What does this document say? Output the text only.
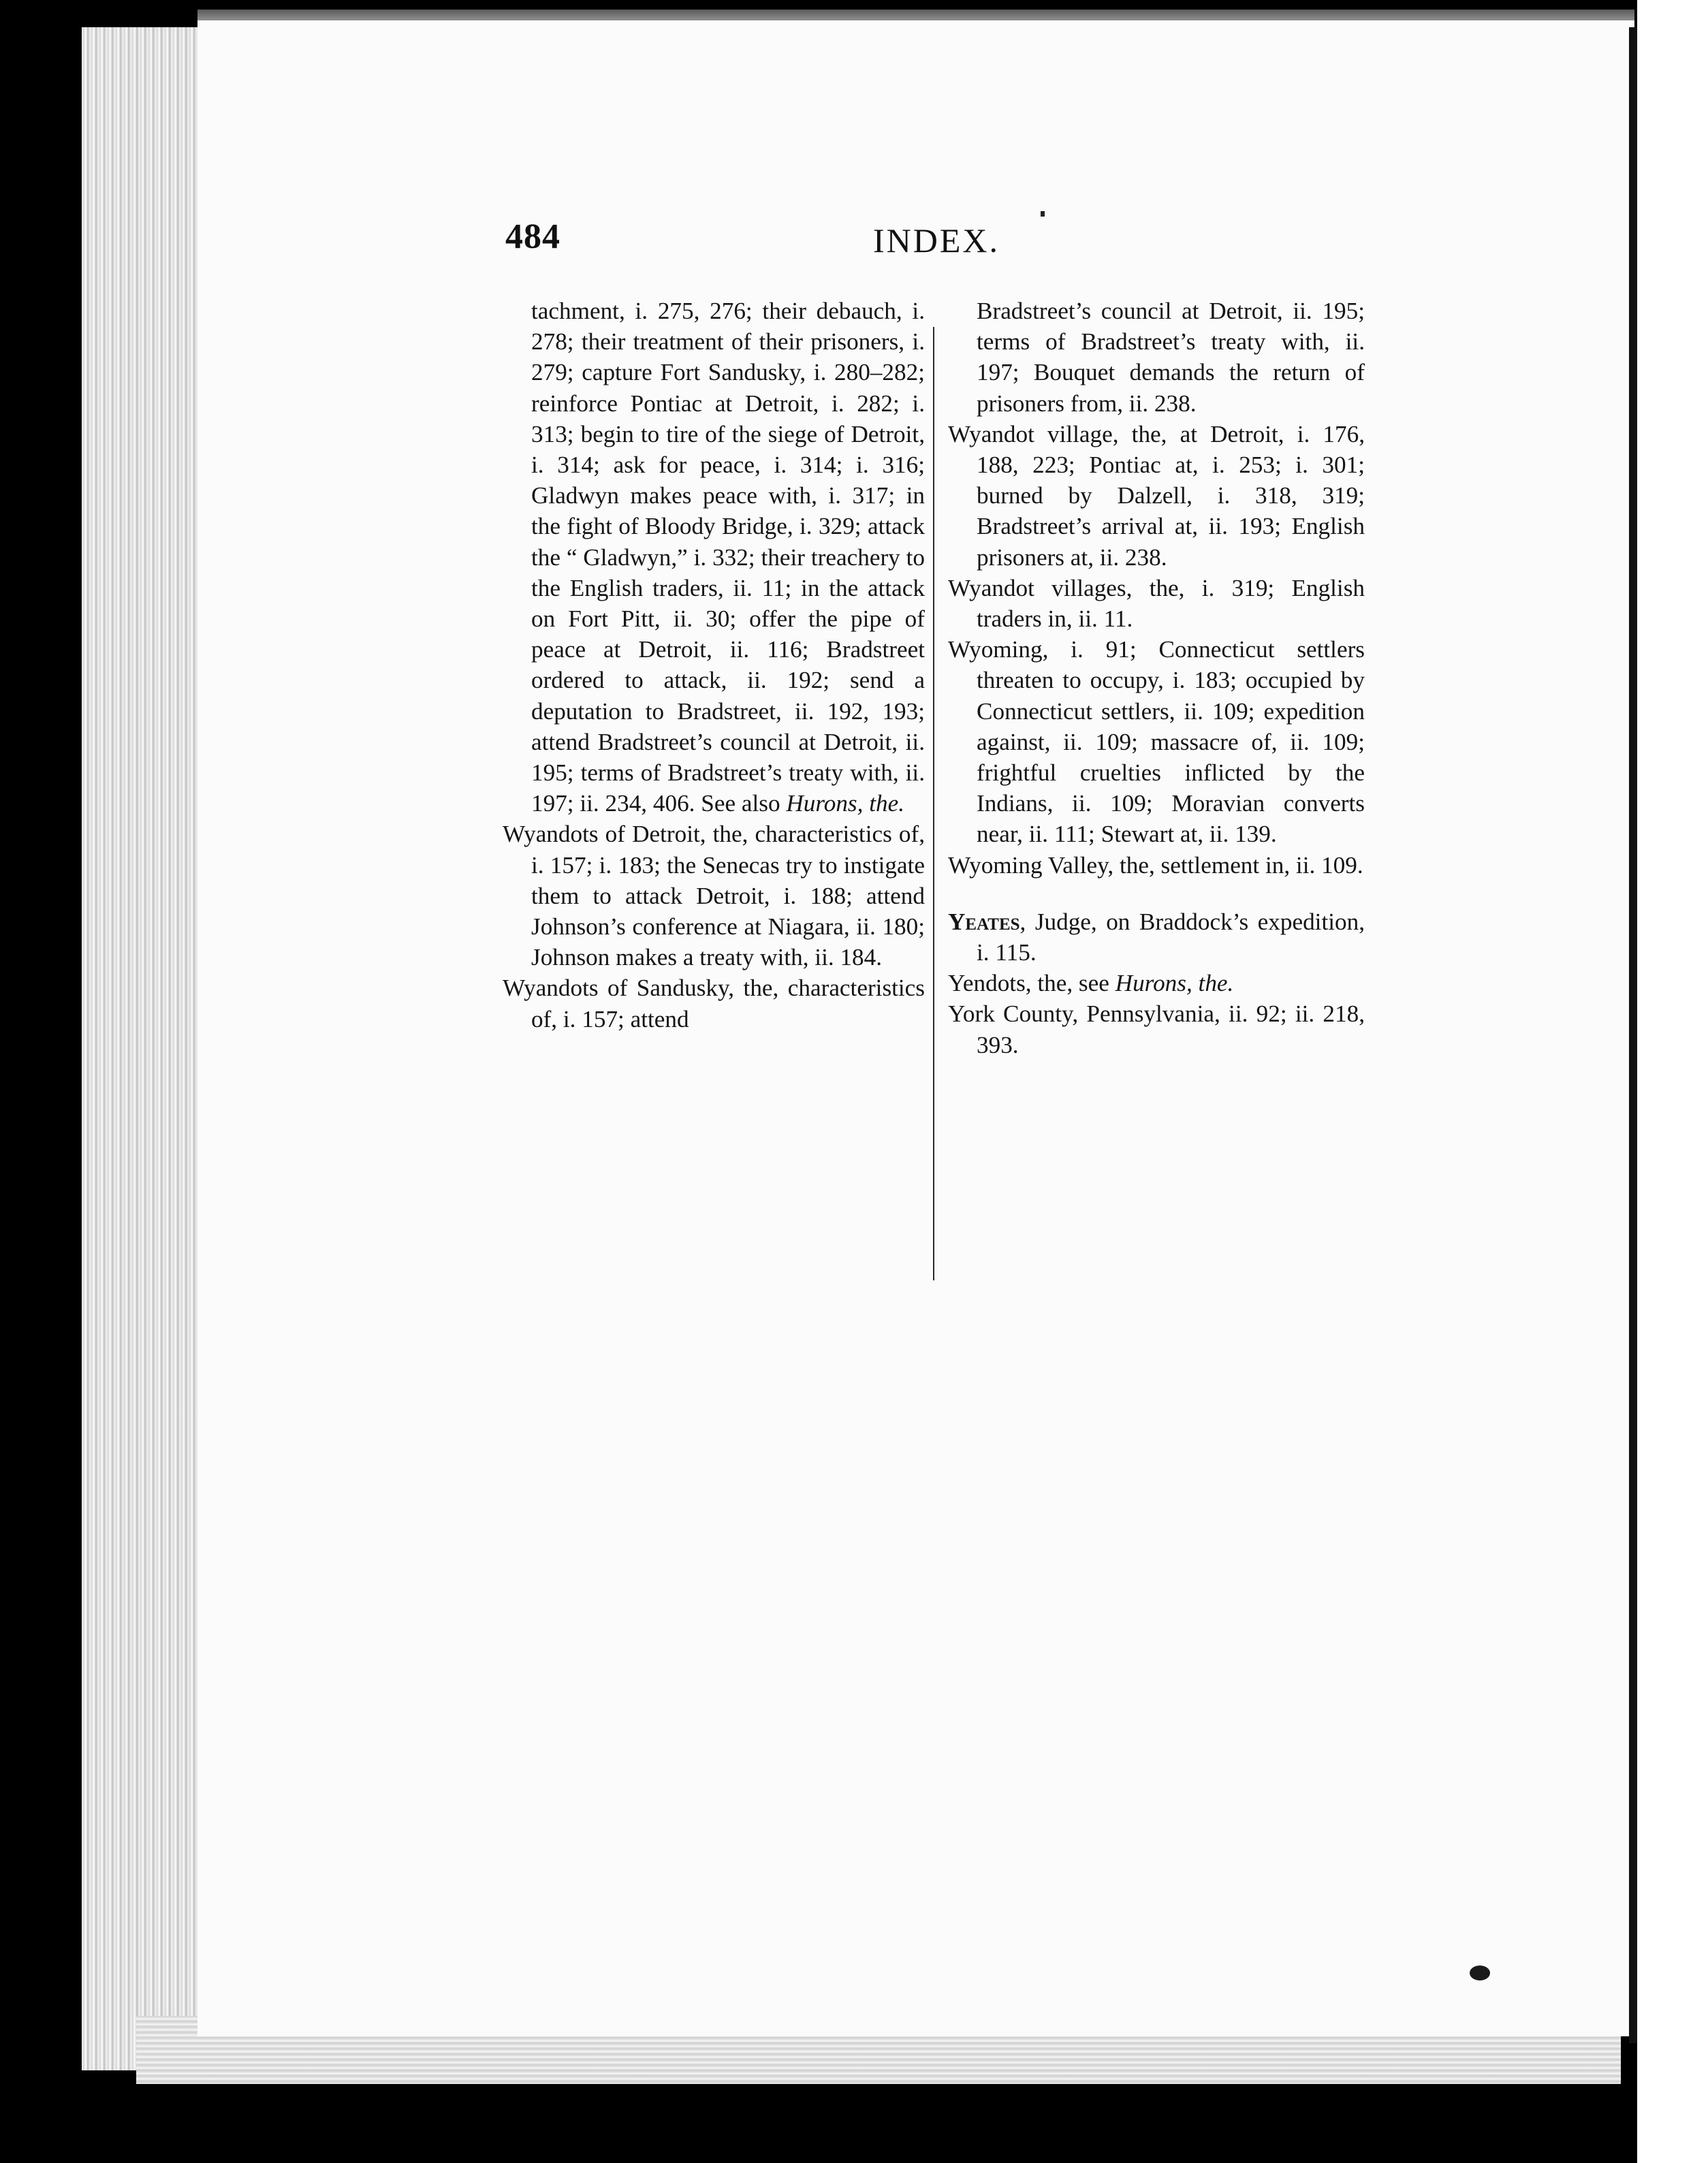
484	INDEX.

tachment, i. 275, 276; their debauch, i. 278; their treatment of their prisoners, i. 279; capture Fort Sandusky, i. 280–282; reinforce Pontiac at Detroit, i. 282; i. 313; begin to tire of the siege of Detroit, i. 314; ask for peace, i. 314; i. 316; Gladwyn makes peace with, i. 317; in the fight of Bloody Bridge, i. 329; attack the “ Gladwyn,” i. 332; their treachery to the English traders, ii. 11; in the attack on Fort Pitt, ii. 30; offer the pipe of peace at Detroit, ii. 116; Bradstreet ordered to attack, ii. 192; send a deputation to Bradstreet, ii. 192, 193; attend Bradstreet’s council at Detroit, ii. 195; terms of Bradstreet’s treaty with, ii. 197; ii. 234, 406. See also Hurons, the.

Wyandots of Detroit, the, characteristics of, i. 157; i. 183; the Senecas try to instigate them to attack Detroit, i. 188; attend Johnson’s conference at Niagara, ii. 180; Johnson makes a treaty with, ii. 184.

Wyandots of Sandusky, the, characteristics of, i. 157; attend

Bradstreet’s council at Detroit, ii. 195; terms of Bradstreet’s treaty with, ii. 197; Bouquet demands the return of prisoners from, ii. 238.

Wyandot village, the, at Detroit, i. 176, 188, 223; Pontiac at, i. 253; i. 301; burned by Dalzell, i. 318, 319; Bradstreet’s arrival at, ii. 193; English prisoners at, ii. 238.

Wyandot villages, the, i. 319; English traders in, ii. 11.

Wyoming, i. 91; Connecticut settlers threaten to occupy, i. 183; occupied by Connecticut settlers, ii. 109; expedition against, ii. 109; massacre of, ii. 109; frightful cruelties inflicted by the Indians, ii. 109; Moravian converts near, ii. 111; Stewart at, ii. 139.

Wyoming Valley, the, settlement in, ii. 109.

Yeates, Judge, on Braddock’s expedition, i. 115.

Yendots, the, see Hurons, the.

York County, Pennsylvania, ii. 92; ii. 218, 393.
